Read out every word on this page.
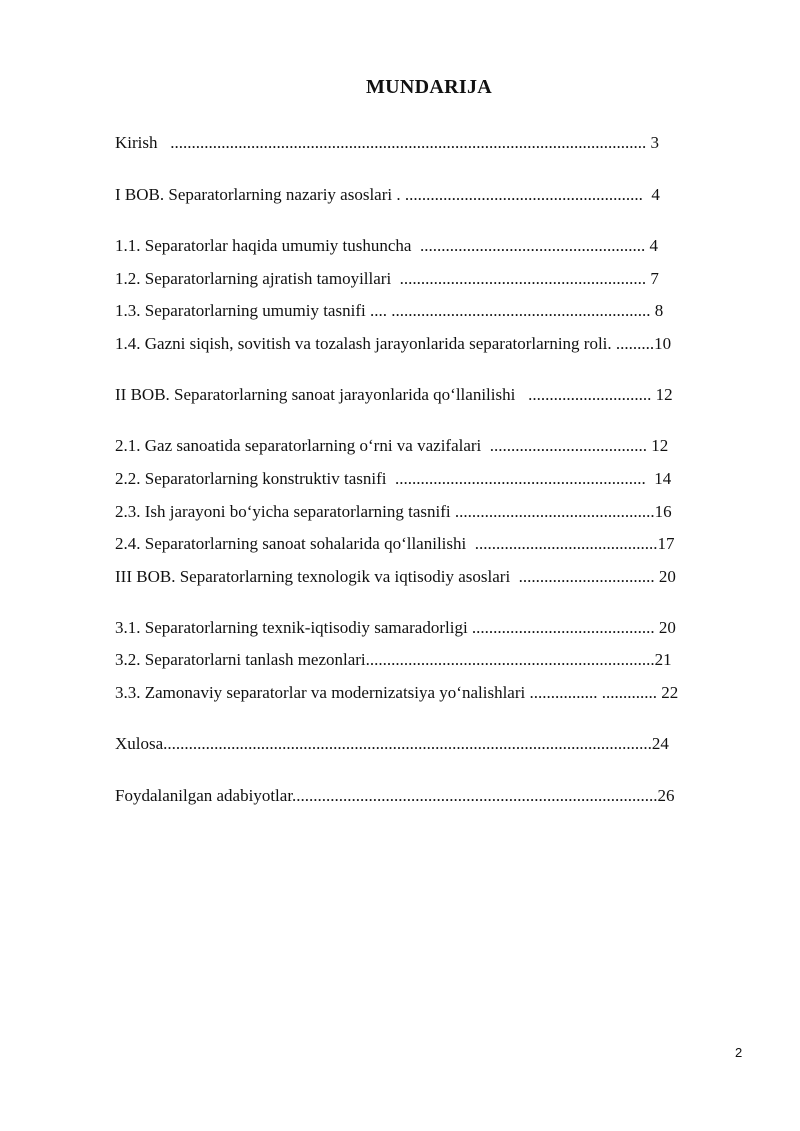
MUNDARIJA
Kirish   ................................................................................................................ 3
I BOB. Separatorlarning nazariy asoslari . ........................................................  4
1.1. Separatorlar haqida umumiy tushuncha  ..................................................... 4
1.2. Separatorlarning ajratish tamoyillari  .......................................................... 7
1.3. Separatorlarning umumiy tasnifi .... ............................................................. 8
1.4. Gazni siqish, sovitish va tozalash jarayonlarida separatorlarning roli. .........10
II BOB. Separatorlarning sanoat jarayonlarida qo‘llanilishi   ............................. 12
2.1. Gaz sanoatida separatorlarning o‘rni va vazifalari  ..................................... 12
2.2. Separatorlarning konstruktiv tasnifi  ...........................................................  14
2.3. Ish jarayoni bo‘yicha separatorlarning tasnifi ...............................................16
2.4. Separatorlarning sanoat sohalarida qo‘llanilishi  ...........................................17
III BOB. Separatorlarning texnologik va iqtisodiy asoslari  ................................ 20
3.1. Separatorlarning texnik-iqtisodiy samaradorligi ........................................... 20
3.2. Separatorlarni tanlash mezonlari....................................................................21
3.3. Zamonaviy separatorlar va modernizatsiya yo‘nalishlari ................ ............. 22
Xulosa...................................................................................................................24
Foydalanilgan adabiyotlar......................................................................................26
2
